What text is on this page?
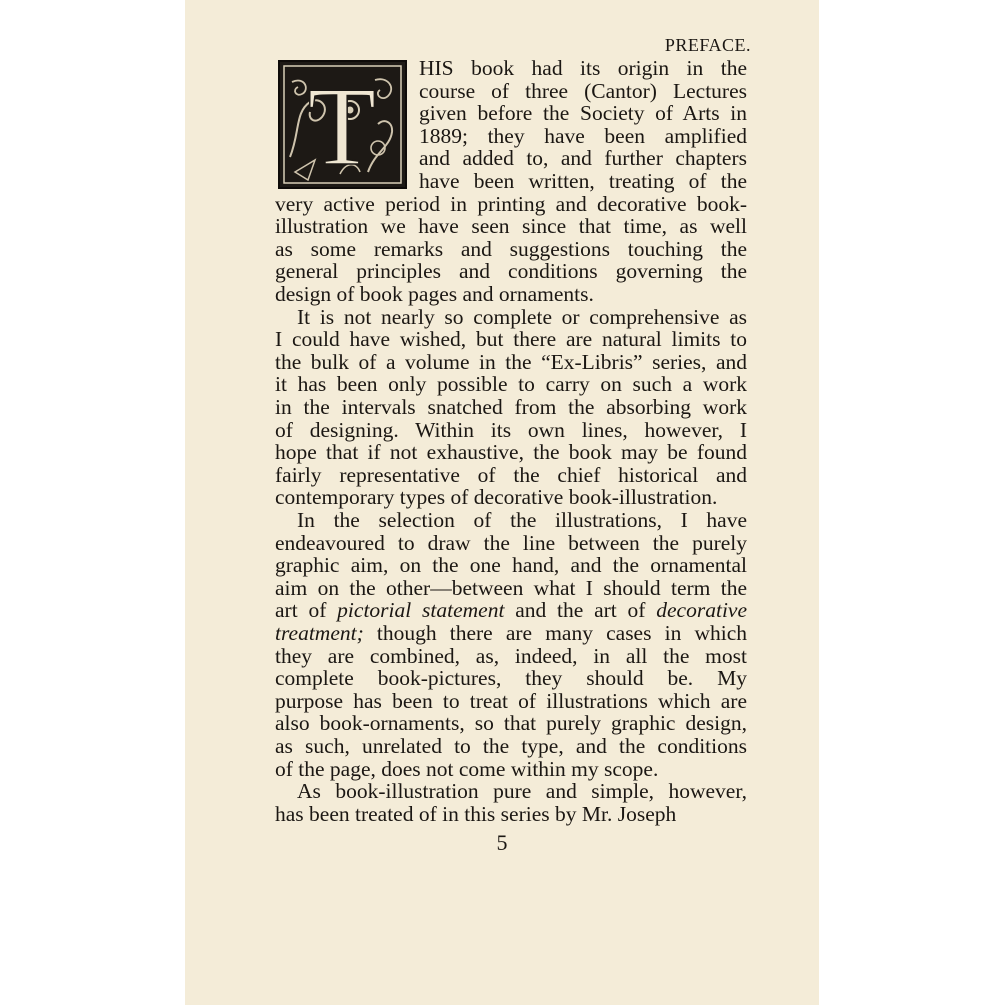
PREFACE.
T HIS book had its origin in the
course of three (Cantor) Lectures
given before the Society of Arts in
1889; they have been amplified
and added to, and further chapters
have been written, treating of the
very active period in printing and decorative book-
illustration we have seen since that time, as well
as some remarks and suggestions touching the
general principles and conditions governing the
design of book pages and ornaments.
It is not nearly so complete or comprehensive as
I could have wished, but there are natural limits to
the bulk of a volume in the “Ex-Libris” series, and
it has been only possible to carry on such a work
in the intervals snatched from the absorbing work
of designing. Within its own lines, however, I
hope that if not exhaustive, the book may be found
fairly representative of the chief historical and
contemporary types of decorative book-illustration.
In the selection of the illustrations, I have
endeavoured to draw the line between the purely
graphic aim, on the one hand, and the ornamental
aim on the other—between what I should term the
art of pictorial statement and the art of decorative
treatment; though there are many cases in which
they are combined, as, indeed, in all the most
complete book-pictures, they should be. My
purpose has been to treat of illustrations which are
also book-ornaments, so that purely graphic design,
as such, unrelated to the type, and the conditions
of the page, does not come within my scope.
As book-illustration pure and simple, however,
has been treated of in this series by Mr. Joseph
5
